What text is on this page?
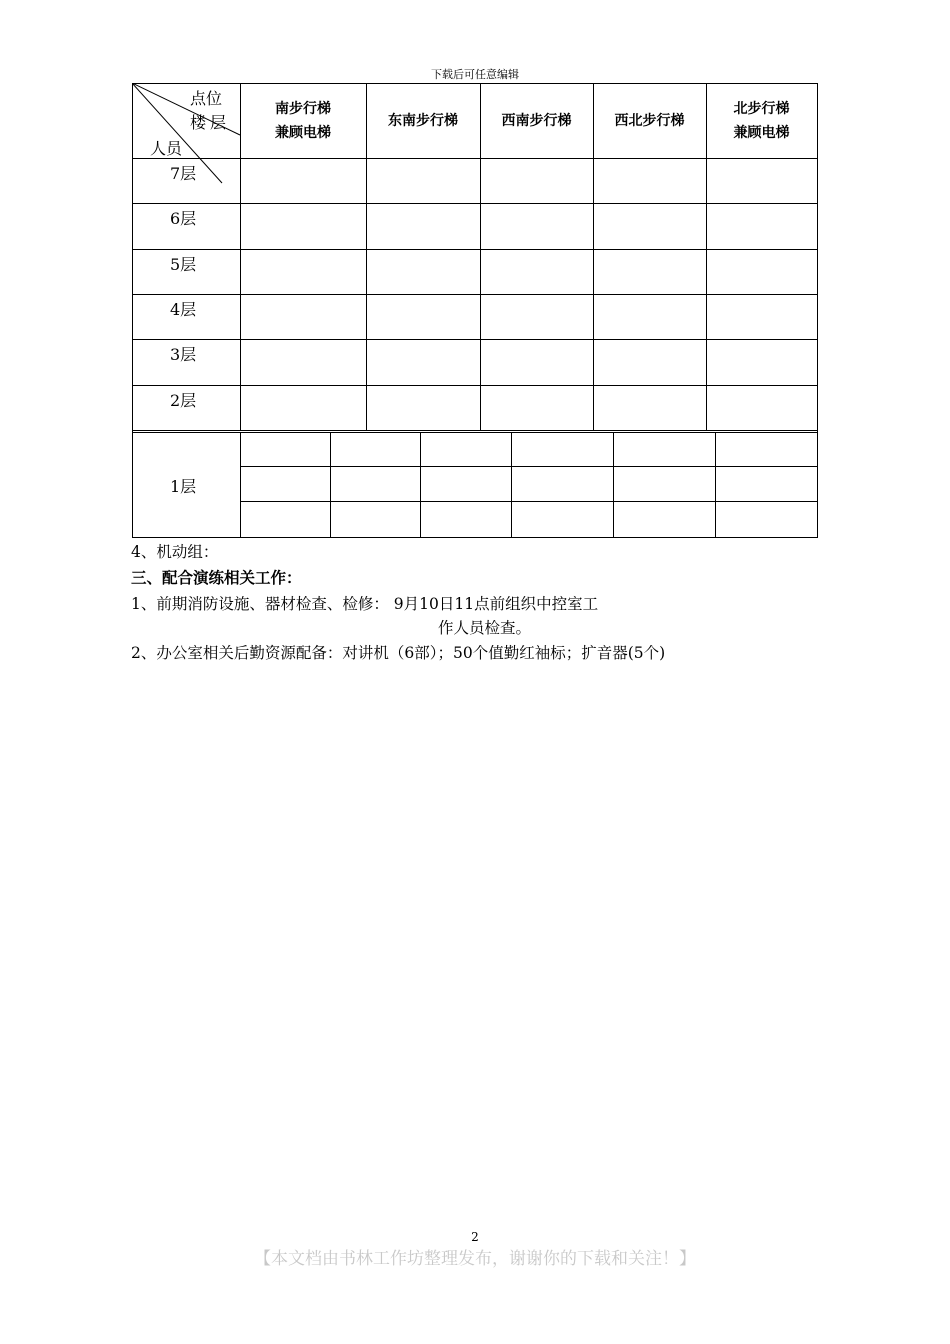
下载后可任意编辑
点位
楼层
人员
南步行梯
兼顾电梯
东南步行梯	西南步行梯	西北步行梯
北步行梯
兼顾电梯
7层
6层
5层
4层
3层
2层
1层
4、机动组：
三、配合演练相关工作：
1、前期消防设施、器材检查、检修： 9月10日11点前组织中控室工
作人员检查。
2、办公室相关后勤资源配备：对讲机（6部）；50个值勤红袖标；扩音器(5个)
2
【本文档由书林工作坊整理发布，谢谢你的下载和关注！】
